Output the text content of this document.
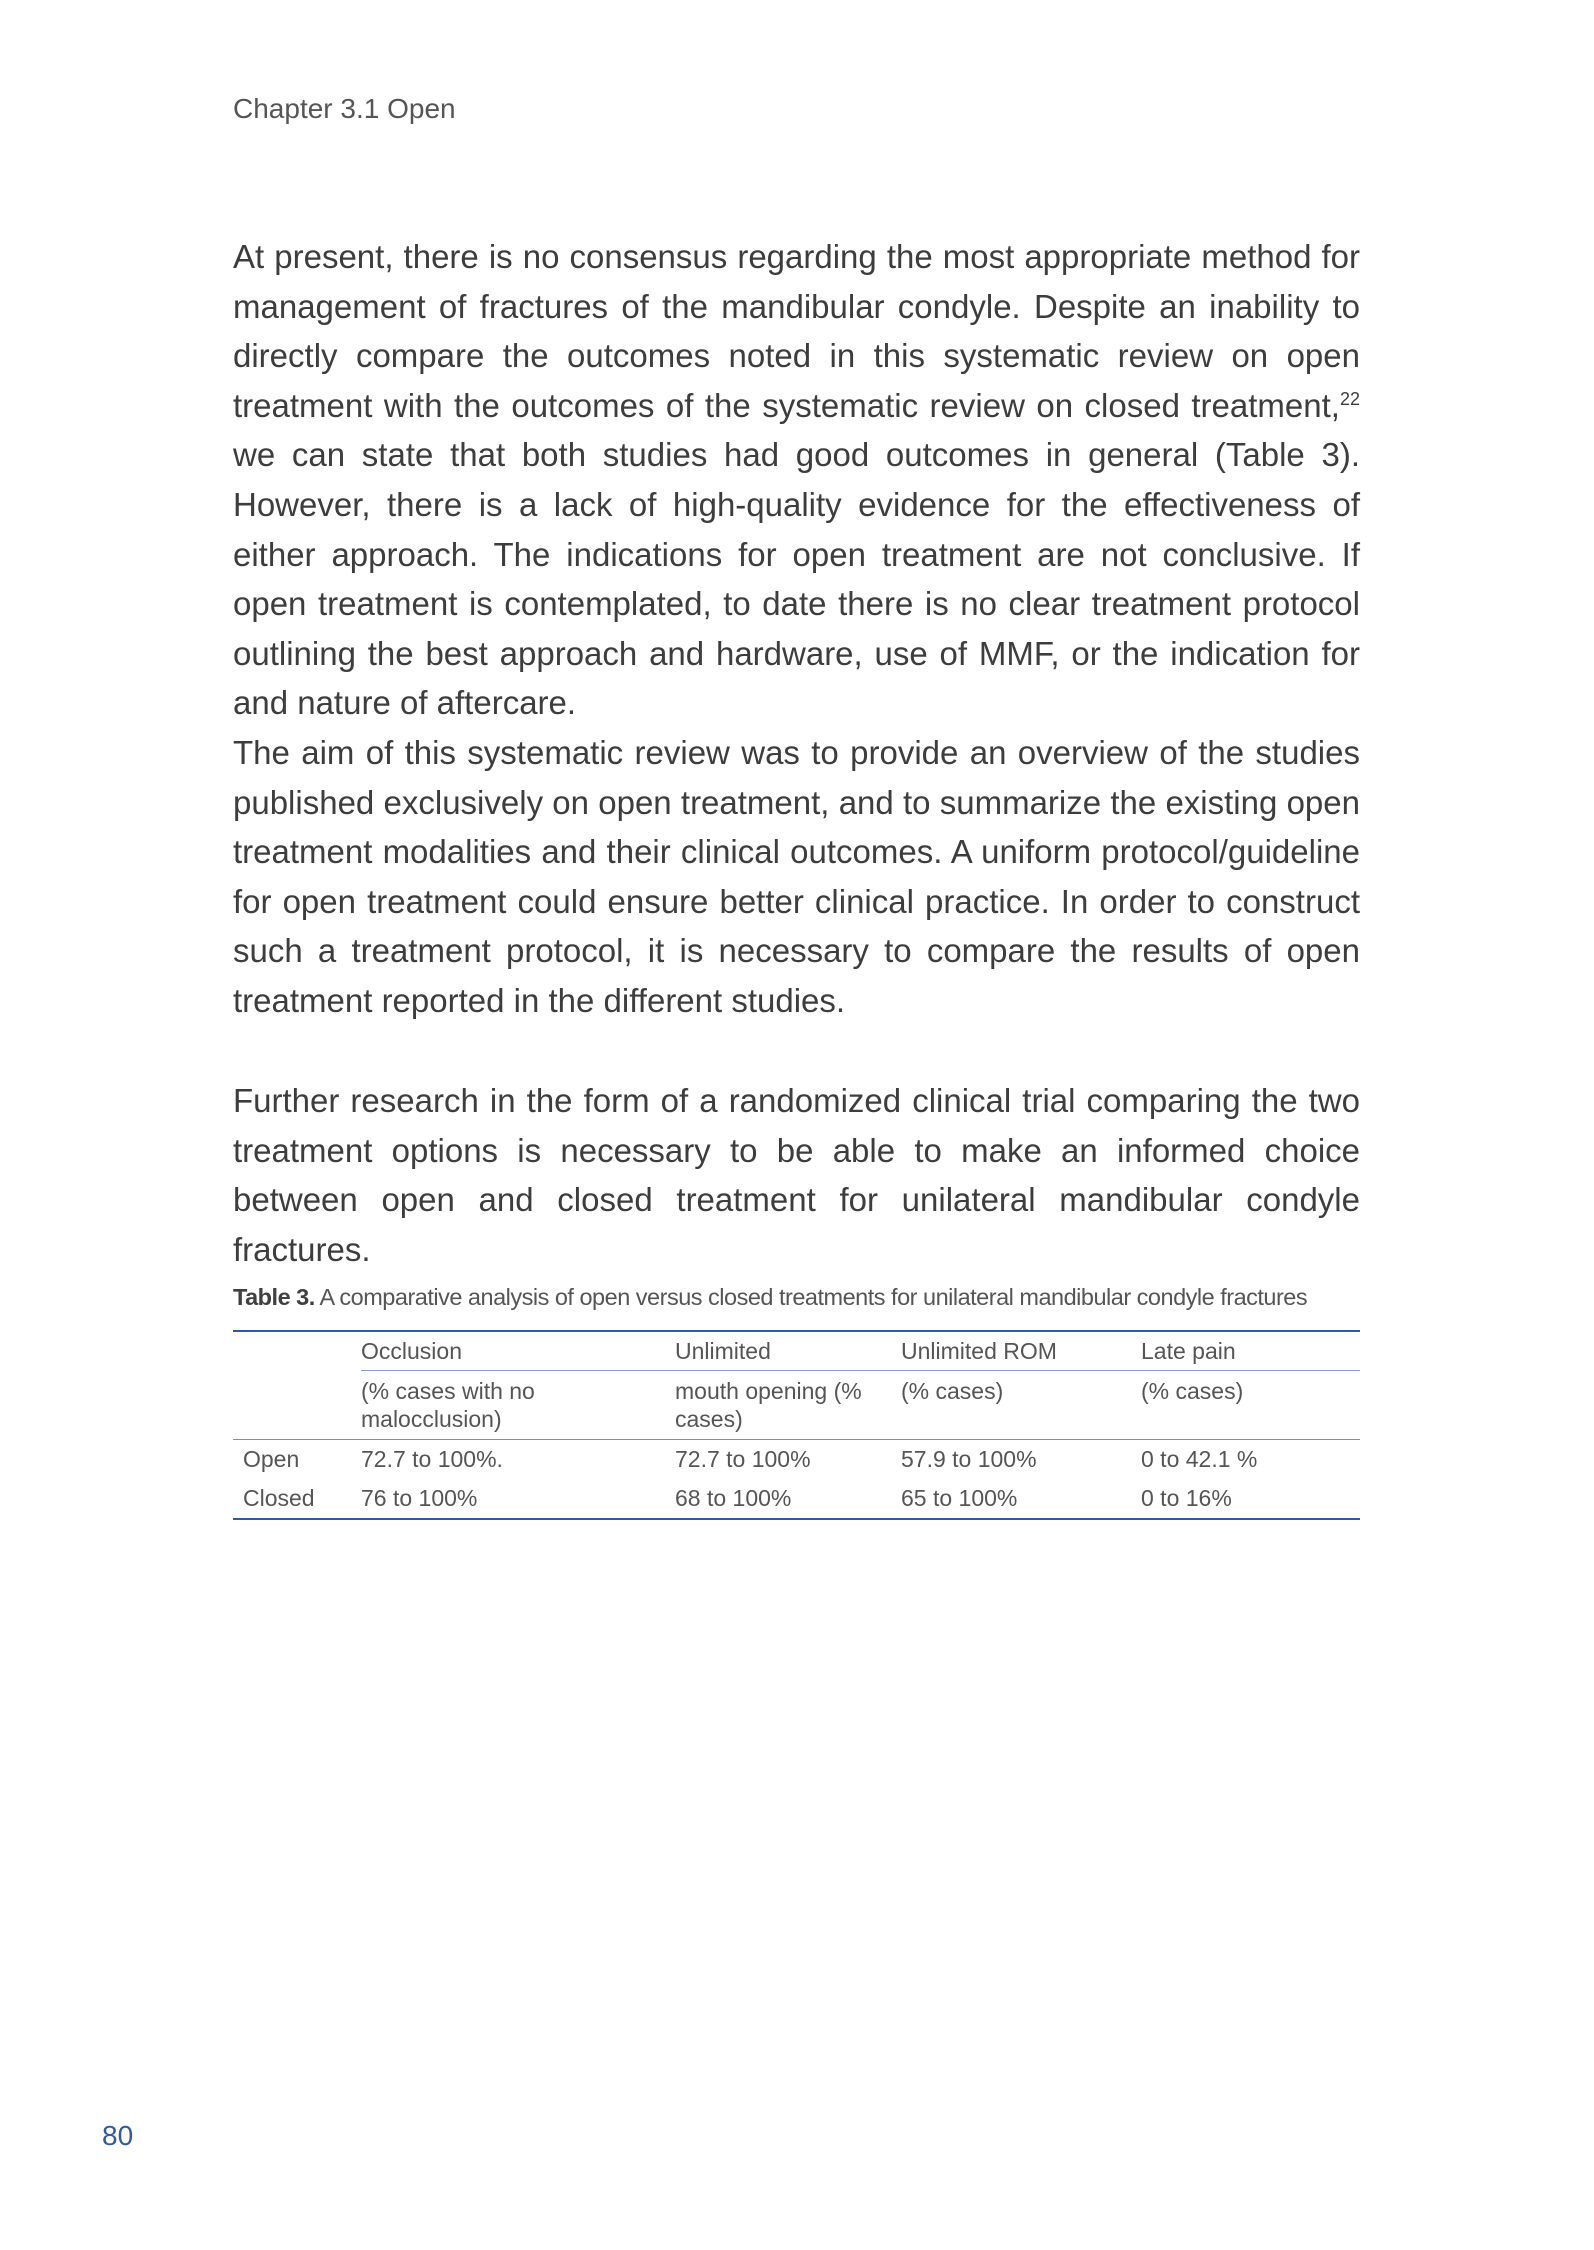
Chapter 3.1 Open

At present, there is no consensus regarding the most appropriate method for management of fractures of the mandibular condyle. Despite an inability to directly compare the outcomes noted in this systematic review on open treatment with the outcomes of the systematic review on closed treatment,$^{22}$ we can state that both studies had good outcomes in general (Table 3). However, there is a lack of high-quality evidence for the effectiveness of either approach. The indications for open treatment are not conclusive. If open treatment is contemplated, to date there is no clear treatment protocol outlining the best approach and hardware, use of MMF, or the indication for and nature of aftercare.

The aim of this systematic review was to provide an overview of the studies published exclusively on open treatment, and to summarize the existing open treatment modalities and their clinical outcomes. A uniform protocol/guideline for open treatment could ensure better clinical practice. In order to construct such a treatment protocol, it is necessary to compare the results of open treatment reported in the different studies.

Further research in the form of a randomized clinical trial comparing the two treatment options is necessary to be able to make an informed choice between open and closed treatment for unilateral mandibular condyle fractures.

Table 3. A comparative analysis of open versus closed treatments for unilateral mandibular condyle fractures
	Occlusion	Unlimited	Unlimited ROM	Late pain

	(% cases with no malocclusion)	mouth opening (% cases)	(% cases)	(% cases)
Open	72.7 to 100%.	72.7 to 100%	57.9 to 100%	0 to 42.1 %
Closed	76 to 100%	68 to 100%	65 to 100%	0 to 16%
80
